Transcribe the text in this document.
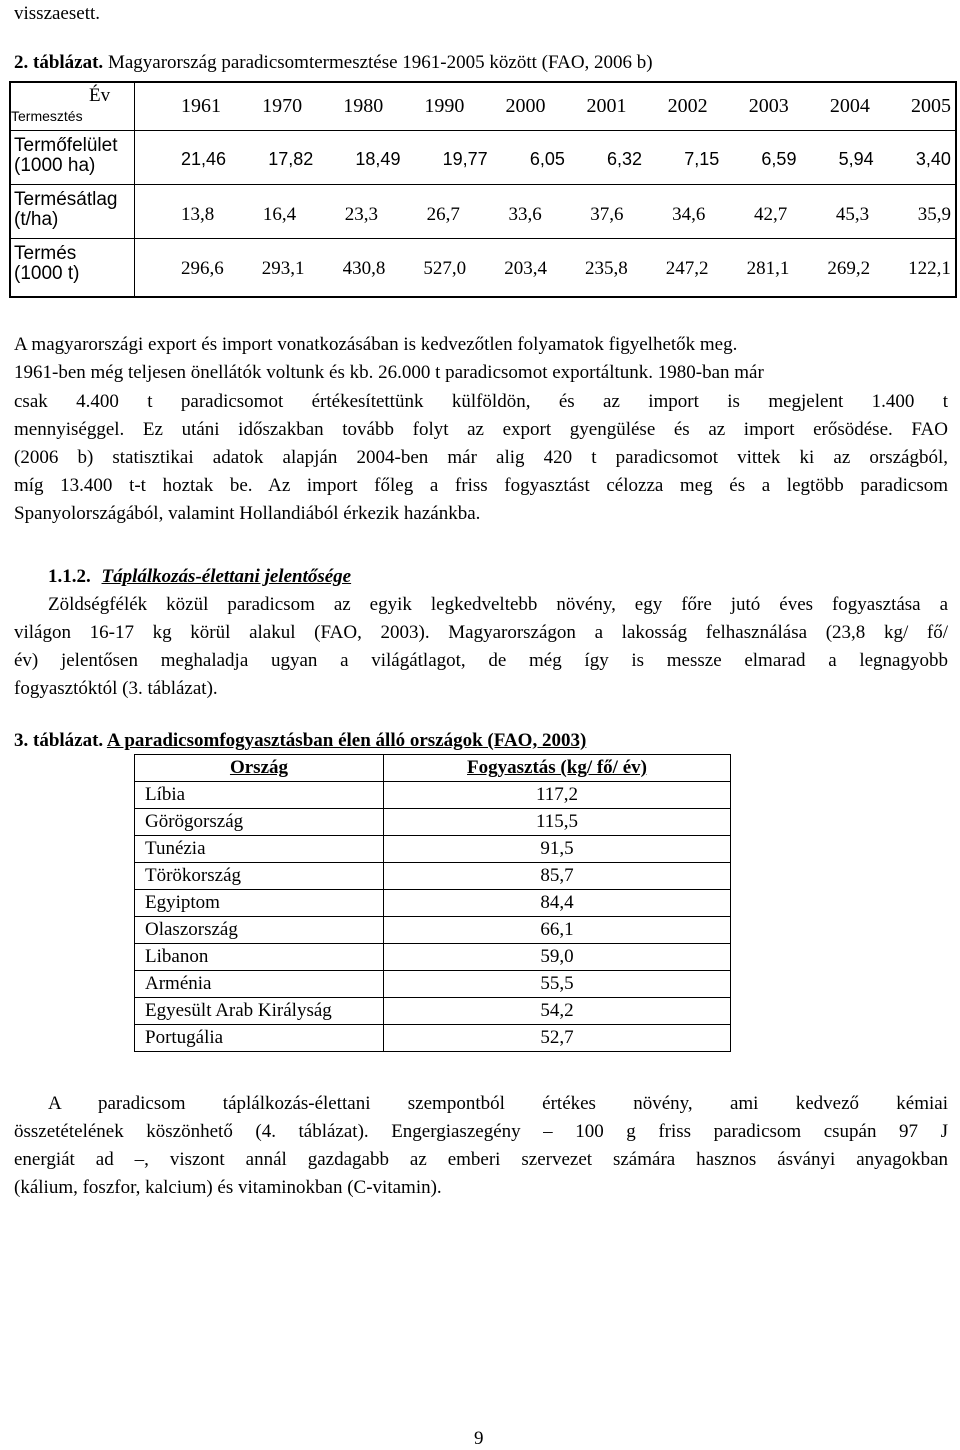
visszaesett.
2. táblázat. Magyarország paradicsomtermesztése 1961-2005 között (FAO, 2006 b)
Év
Termesztés	1961 1970 1980 1990 2000 2001 2002 2003 2004 2005
Termőfelület
(1000 ha)	21,46 17,82 18,49 19,77 6,05 6,32 7,15 6,59 5,94 3,40
Termésátlag
(t/ha)	13,8	16,4	23,3	26,7	33,6	37,6	34,6	42,7	45,3	35,9
Termés
(1000 t)	296,6 293,1 430,8 527,0 203,4 235,8 247,2 281,1 269,2 122,1
A magyarországi export és import vonatkozásában is kedvezőtlen folyamatok figyelhetők meg.
1961-ben még teljesen önellátók voltunk és kb. 26.000 t paradicsomot exportáltunk. 1980-ban már
csak 4.400 t paradicsomot értékesítettünk külföldön, és az import is megjelent 1.400 t
mennyiséggel. Ez utáni időszakban tovább folyt az export gyengülése és az import erősödése. FAO
(2006 b) statisztikai adatok alapján 2004-ben már alig 420 t paradicsomot vittek ki az országból,
míg 13.400 t-t hoztak be. Az import főleg a friss fogyasztást célozza meg és a legtöbb paradicsom
Spanyolországából, valamint Hollandiából érkezik hazánkba.
1.1.2. Táplálkozás-élettani jelentősége
Zöldségfélék közül paradicsom az egyik legkedveltebb növény, egy főre jutó éves fogyasztása a
világon 16-17 kg körül alakul (FAO, 2003). Magyarországon a lakosság felhasználása (23,8 kg/ fő/
év) jelentősen meghaladja ugyan a világátlagot, de még így is messze elmarad a legnagyobb
fogyasztóktól (3. táblázat).
3. táblázat. A paradicsomfogyasztásban élen álló országok (FAO, 2003)
Ország	Fogyasztás (kg/ fő/ év)
Líbia	117,2
Görögország	115,5
Tunézia	91,5
Törökország	85,7
Egyiptom	84,4
Olaszország	66,1
Libanon	59,0
Arménia	55,5
Egyesült Arab Királyság	54,2
Portugália	52,7
A paradicsom táplálkozás-élettani szempontból értékes növény, ami kedvező kémiai
összetételének köszönhető (4. táblázat). Engergiaszegény – 100 g friss paradicsom csupán 97 J
energiát ad –, viszont annál gazdagabb az emberi szervezet számára hasznos ásványi anyagokban
(kálium, foszfor, kalcium) és vitaminokban (C-vitamin).
9
